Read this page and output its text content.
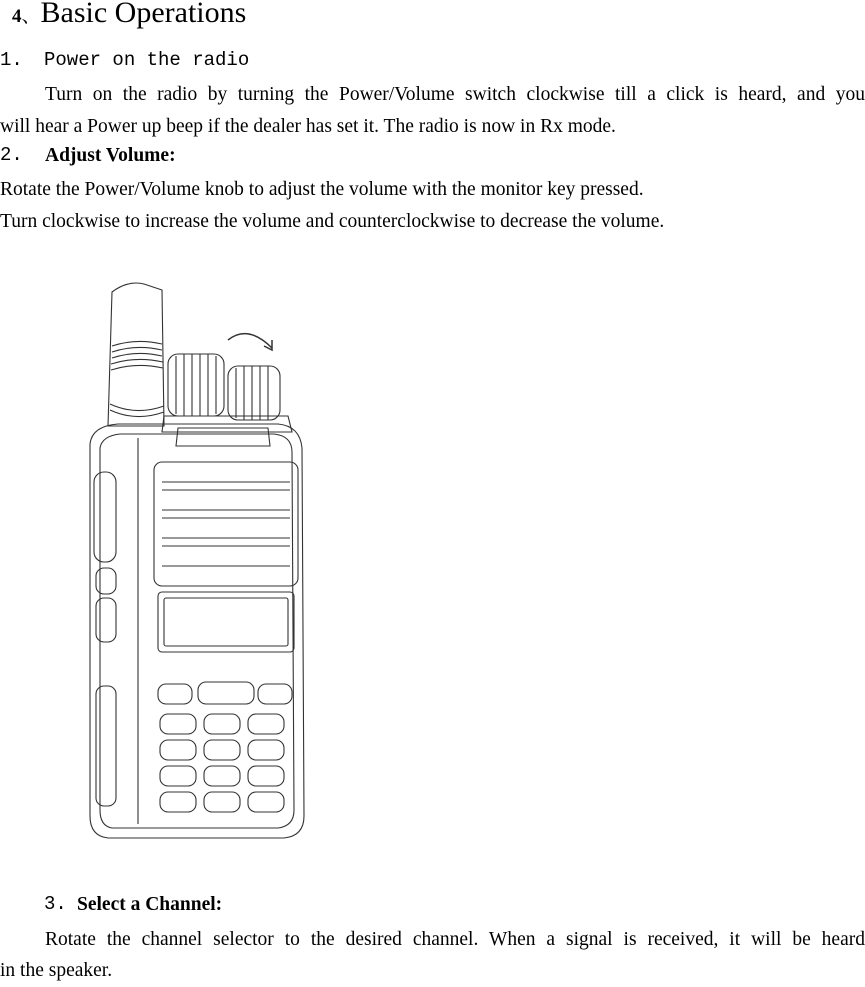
4、Basic Operations
1. Power on the radio
Turn on the radio by turning the Power/Volume switch clockwise till a click is heard, and you
will hear a Power up beep if the dealer has set it. The radio is now in Rx mode.
2. Adjust Volume:
Rotate the Power/Volume knob to adjust the volume with the monitor key pressed.
Turn clockwise to increase the volume and counterclockwise to decrease the volume.
3. Select a Channel:
Rotate the channel selector to the desired channel. When a signal is received, it will be heard
in the speaker.
